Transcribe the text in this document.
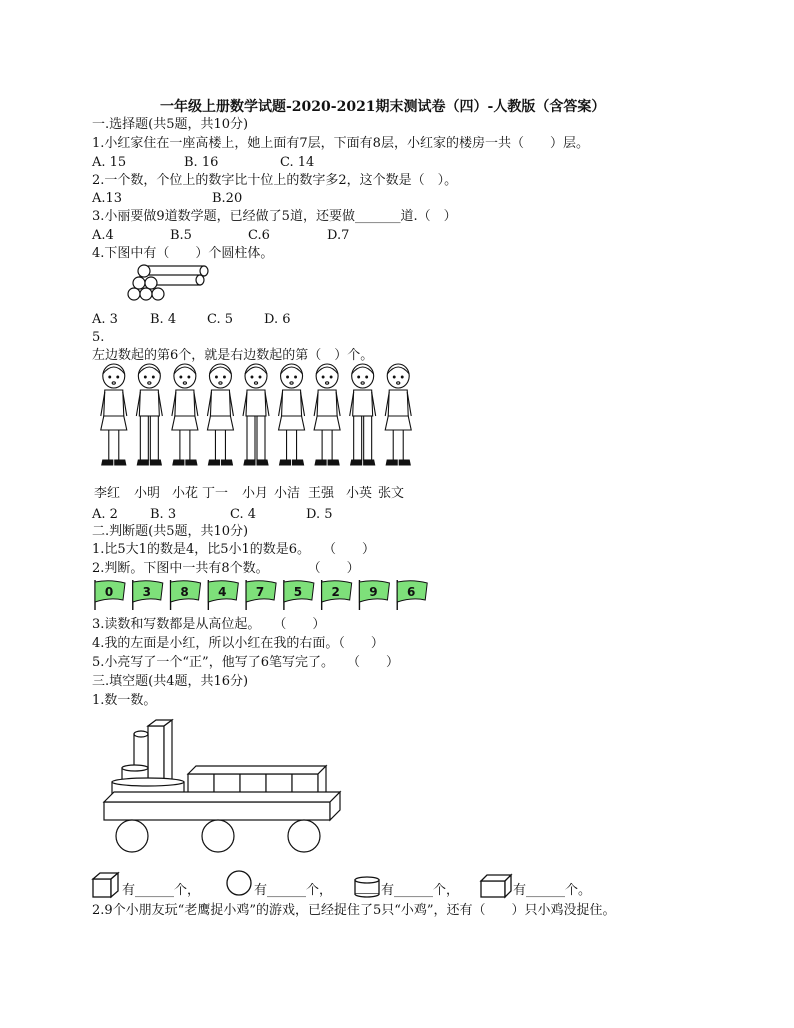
一年级上册数学试题-2020-2021期末测试卷（四）-人教版（含答案）
一.选择题(共5题，共10分)
1.小红家住在一座高楼上，她上面有7层，下面有8层，小红家的楼房一共（　　）层。
A. 15	B. 16	C. 14
2.一个数，个位上的数字比十位上的数字多2，这个数是（　）。
A.13	B.20
3.小丽要做9道数学题，已经做了5道，还要做_______道.（　）
A.4	B.5	C.6	D.7
4.下图中有（　　）个圆柱体。
A. 3 B. 4 C. 5 D. 6
5.
左边数起的第6个，就是右边数起的第（　）个。
李红 小明 小花 丁一 小月 小洁 王强 小英 张文
A. 2 B. 3	C. 4	D. 5
二.判断题(共5题，共10分)
1.比5大1的数是4，比5小1的数是6。　　（　　）
2.判断。下图中一共有8个数。　　　　（　　）
0 3 8 4 7 5 2 9 6
3.读数和写数都是从高位起。　　（　　）
4.我的左面是小红，所以小红在我的右面。（　　）
5.小亮写了一个“正”，他写了6笔写完了。　　（　　）
三.填空题(共4题，共16分)
1.数一数。
有______个，	有______个，	有______个，	有______个。
2.9个小朋友玩“老鹰捉小鸡”的游戏，已经捉住了5只“小鸡”，还有（　　）只小鸡没捉住。
